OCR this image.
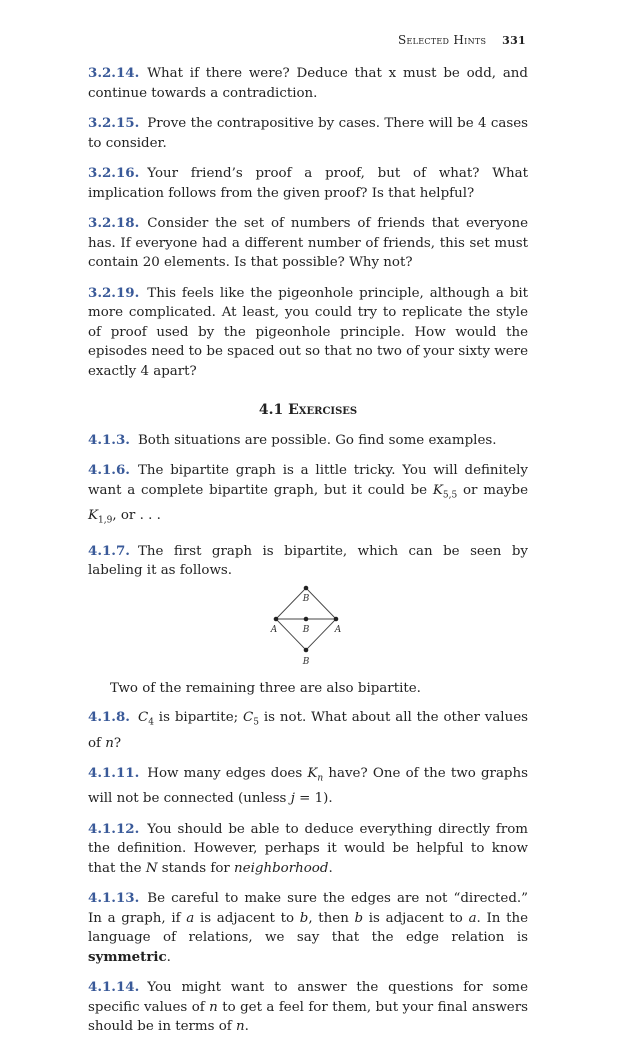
Selected Hints 331

3.2.14. What if there were? Deduce that x must be odd, and continue towards a contradiction.

3.2.15. Prove the contrapositive by cases. There will be 4 cases to consider.

3.2.16. Your friend’s proof a proof, but of what? What implication follows from the given proof? Is that helpful?

3.2.18. Consider the set of numbers of friends that everyone has. If everyone had a different number of friends, this set must contain 20 elements. Is that possible? Why not?

3.2.19. This feels like the pigeonhole principle, although a bit more complicated. At least, you could try to replicate the style of proof used by the pigeonhole principle. How would the episodes need to be spaced out so that no two of your sixty were exactly 4 apart?

4.1 Exercises

4.1.3. Both situations are possible. Go find some examples.

4.1.6. The bipartite graph is a little tricky. You will definitely want a complete bipartite graph, but it could be $K_{5,5}$ or maybe $K_{1,9}$, or . . .

4.1.7. The first graph is bipartite, which can be seen by labeling it as follows.

B
A	B	A
B

Two of the remaining three are also bipartite.

4.1.8. $C_4$ is bipartite; $C_5$ is not. What about all the other values of n?

4.1.11. How many edges does $K_n$ have? One of the two graphs will not be connected (unless j = 1).

4.1.12. You should be able to deduce everything directly from the definition. However, perhaps it would be helpful to know that the N stands for neighborhood.

4.1.13. Be careful to make sure the edges are not “directed.” In a graph, if a is adjacent to b, then b is adjacent to a. In the language of relations, we say that the edge relation is symmetric.

4.1.14. You might want to answer the questions for some specific values of n to get a feel for them, but your final answers should be in terms of n.
